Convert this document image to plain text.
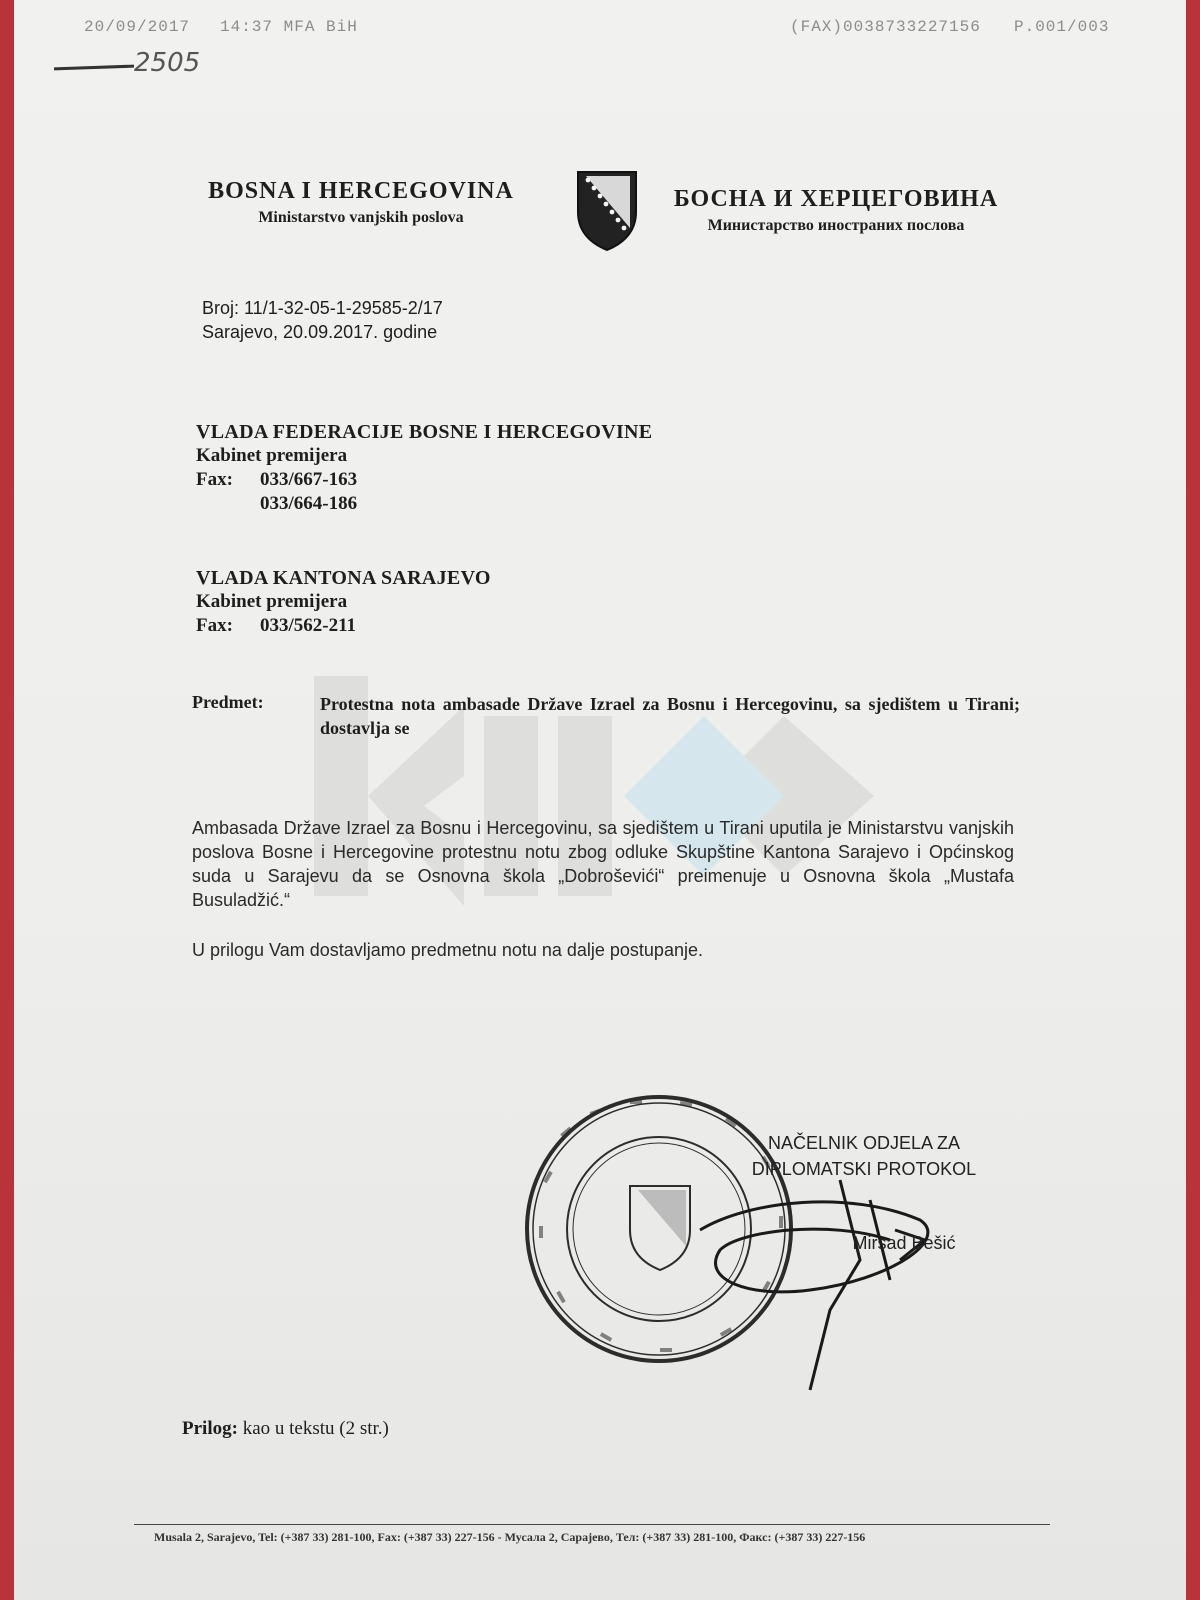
20/09/2017 14:37 MFA BiH	(FAX)0038733227156 P.001/003
2505
BOSNA I HERCEGOVINA
Ministarstvo vanjskih poslova
БОСНА И ХЕРЦЕГОВИНА
Министарство иностраних послова
Broj: 11/1-32-05-1-29585-2/17
Sarajevo, 20.09.2017. godine
VLADA FEDERACIJE BOSNE I HERCEGOVINE
Kabinet premijera
Fax:	033/667-163
033/664-186
VLADA KANTONA SARAJEVO
Kabinet premijera
Fax:	033/562-211
Predmet:	Protestna nota ambasade Države Izrael za Bosnu i Hercegovinu, sa sjedištem u Tirani; dostavlja se
Ambasada Države Izrael za Bosnu i Hercegovinu, sa sjedištem u Tirani uputila je Ministarstvu vanjskih poslova Bosne i Hercegovine protestnu notu zbog odluke Skupštine Kantona Sarajevo i Općinskog suda u Sarajevu da se Osnovna škola „Dobroševići“ preimenuje u Osnovna škola „Mustafa Busuladžić.“
U prilogu Vam dostavljamo predmetnu notu na dalje postupanje.
NAČELNIK ODJELA ZA
DIPLOMATSKI PROTOKOL
Mirsad Bešić
Prilog: kao u tekstu (2 str.)
Musala 2, Sarajevo, Tel: (+387 33) 281-100, Fax: (+387 33) 227-156 - Мусала 2, Сарајево, Тел: (+387 33) 281-100, Факс: (+387 33) 227-156
